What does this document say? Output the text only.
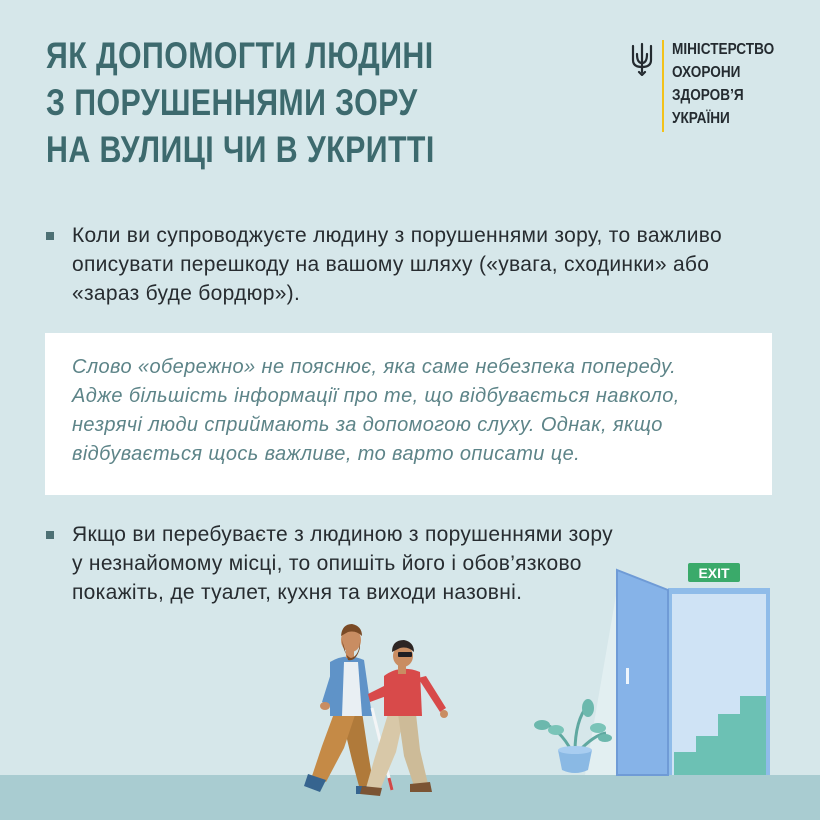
ЯК ДОПОМОГТИ ЛЮДИНІ
З ПОРУШЕННЯМИ ЗОРУ
НА ВУЛИЦІ ЧИ В УКРИТТІ
МІНІСТЕРСТВО
ОХОРОНИ
ЗДОРОВ’Я
УКРАЇНИ

Коли ви супроводжуєте людину з порушеннями зору, то важливо
описувати перешкоду на вашому шляху («увага, сходинки» або
«зараз буде бордюр»).

Слово «обережно» не пояснює, яка саме небезпека попереду.
Адже більшість інформації про те, що відбувається навколо,
незрячі люди сприймають за допомогою слуху. Однак, якщо
відбувається щось важливе, то варто описати це.

Якщо ви перебуваєте з людиною з порушеннями зору
у незнайомому місці, то опишіть його і обов’язково
покажіть, де туалет, кухня та виходи назовні.

EXIT
